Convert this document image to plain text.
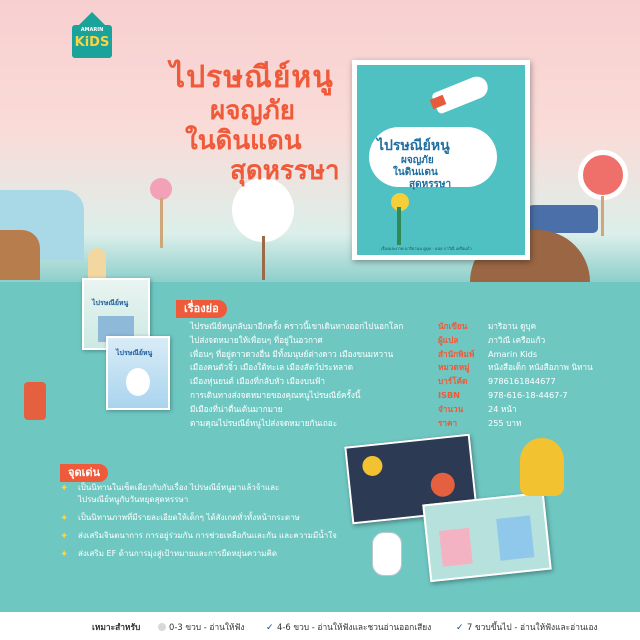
AMARIN
KiDS
ไปรษณีย์หนู
ผจญภัย
ในดินแดน
สุดหรรษา
ไปรษณีย์หนู
ผจญภัย
ในดินแดน
สุดหรรษา
เรื่องและภาพ มาริอานน ดูบุค · แปล ภาวิณี เครือแก้ว
ไปรษณีย์หนู
ไปรษณีย์หนู
เรื่องย่อ
ไปรษณีย์หนูกลับมาอีกครั้ง คราวนี้เขาเดินทางออกไปนอกโลก
ไปส่งจดหมายให้เพื่อนๆ ที่อยู่ในอวกาศ
เพื่อนๆ ที่อยู่ดาวดวงอื่น มีทั้งมนุษย์ต่างดาว เมืองขนมหวาน
เมืองคนตัวจิ๋ว เมืองใต้ทะเล เมืองสัตว์ประหลาด
เมืองหุ่นยนต์ เมืองที่กลับหัว เมืองบนฟ้า
การเดินทางส่งจดหมายของคุณหนูไปรษณีย์ครั้งนี้
มีเมืองที่น่าตื่นเต้นมากมาย
ตามคุณไปรษณีย์หนูไปส่งจดหมายกันเถอะ
นักเขียน	มาริอาน ดูบุค
ผู้แปล	ภาวิณี เครือแก้ว
สำนักพิมพ์ Amarin Kids
หมวดหมู่ หนังสือเด็ก หนังสือภาพ นิทาน
บาร์โค้ด	9786161844677
ISBN	978-616-18-4467-7
จำนวน	24 หน้า
ราคา	255 บาท
จุดเด่น
✦	เป็นนิทานในเซ็ตเดียวกับกับเรื่อง ไปรษณีย์หนูมาแล้วจ้าและ
ไปรษณีย์หนูกับวันหยุดสุดหรรษา
✦	เป็นนิทานภาพที่มีรายละเอียดให้เด็กๆ ได้สังเกตทั่วทั้งหน้ากระดาษ
✦	ส่งเสริมจินตนาการ การอยู่ร่วมกัน การช่วยเหลือกันและกัน และความมีน้ำใจ
✦	ส่งเสริม EF ด้านการมุ่งสู่เป้าหมายและการยืดหยุ่นความคิด
เหมาะสำหรับ	0-3 ขวบ - อ่านให้ฟัง ✓ 4-6 ขวบ - อ่านให้ฟังและชวนอ่านออกเสียง	✓ 7 ขวบขึ้นไป - อ่านให้ฟังและอ่านเอง
